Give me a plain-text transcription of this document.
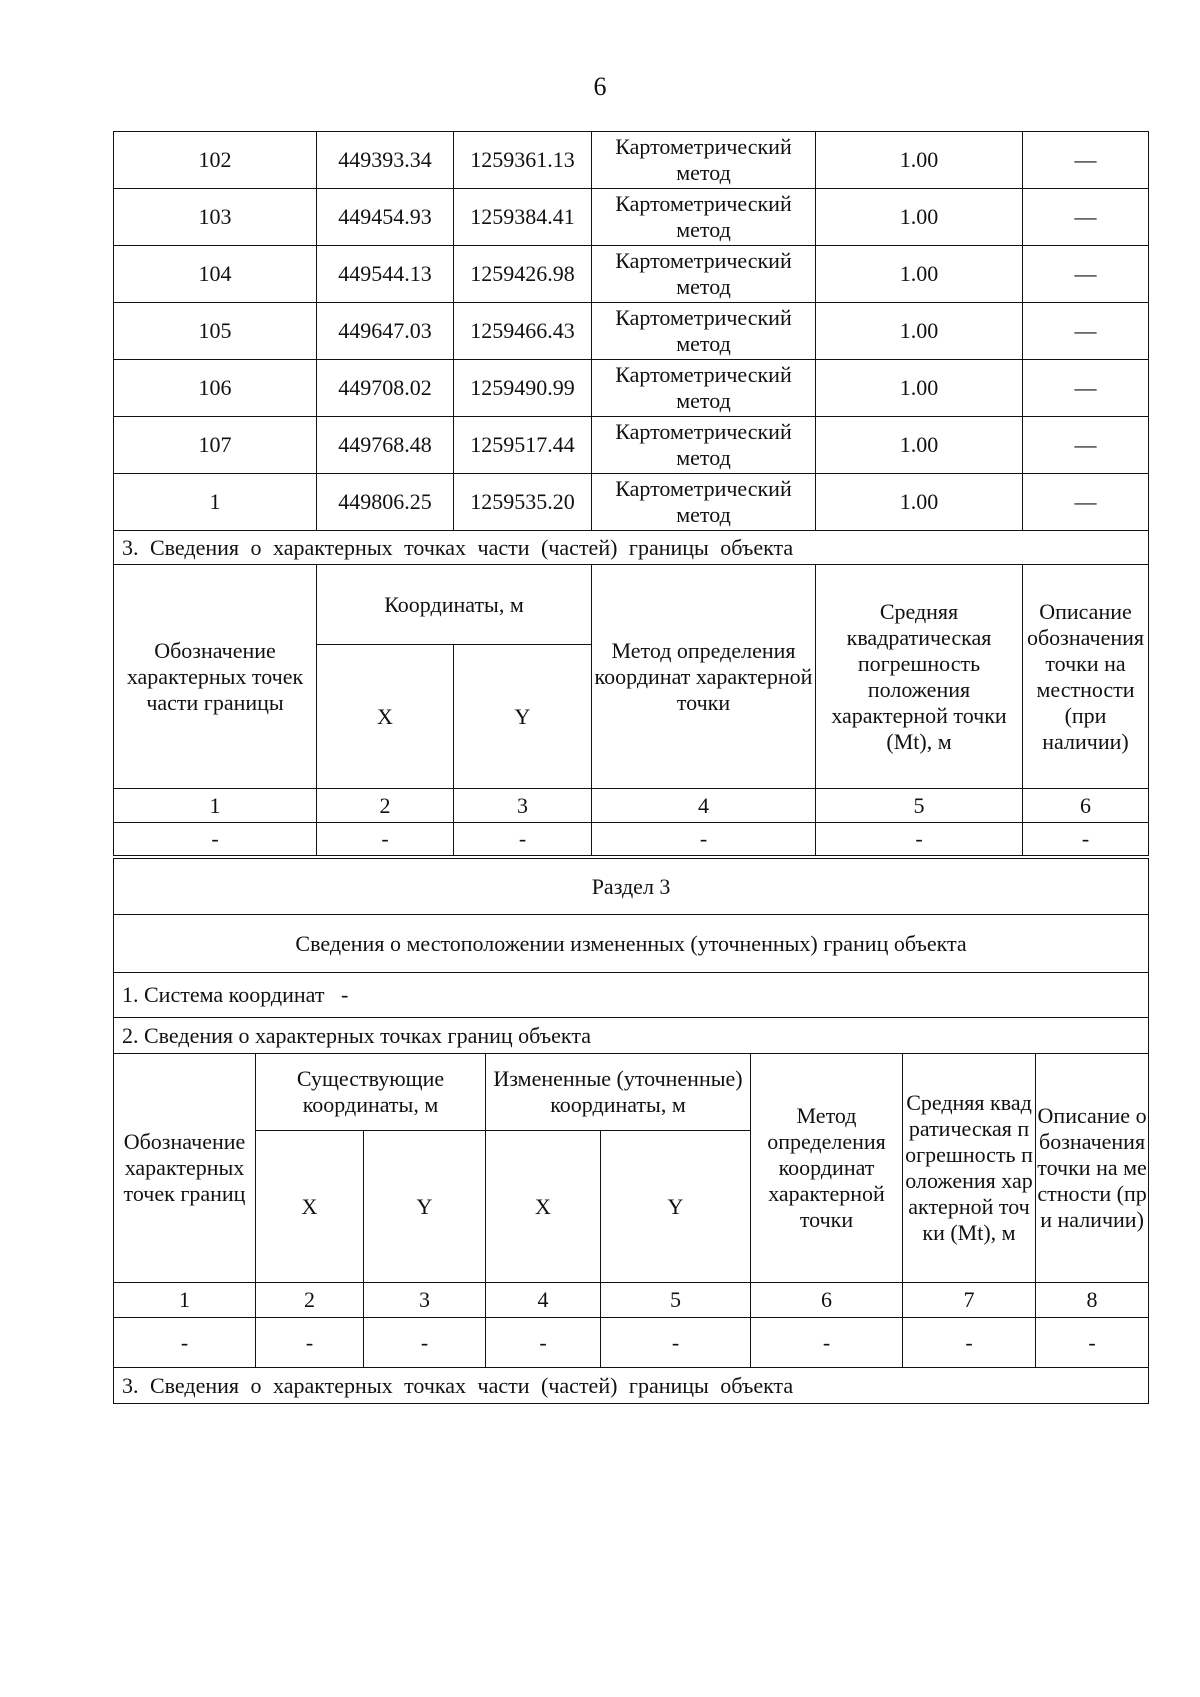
6
102	449393.34	1259361.13	Картометрический метод	1.00	—
103	449454.93	1259384.41	Картометрический метод	1.00	—
104	449544.13	1259426.98	Картометрический метод	1.00	—
105	449647.03	1259466.43	Картометрический метод	1.00	—
106	449708.02	1259490.99	Картометрический метод	1.00	—
107	449768.48	1259517.44	Картометрический метод	1.00	—
1	449806.25	1259535.20	Картометрический метод	1.00	—
3. Сведения о характерных точках части (частей) границы объекта					
Обозначение характерных точек части границы	Координаты, м		Метод определения координат характерной точки	Средняя квадратическая погрешность положения характерной точки (Mt), м	Описание обозначения точки на местности (при наличии)
	X	Y			
1	2	3	4	5	6
-	-	-	-	-	-
Раздел 3							
Сведения о местоположении измененных (уточненных) границ объекта							
1. Система координат   -							
2. Сведения о характерных точках границ объекта							
Обозначение характерных точек границ	Существующие координаты, м		Измененные (уточненные) координаты, м		Метод определения координат характерной точки	Средняя квадратическая погрешность положения характерной точки (Mt), м	Описание обозначения точки на местности (при наличии)
	X	Y	X	Y			
1	2	3	4	5	6	7	8
-	-	-	-	-	-	-	-
3. Сведения о характерных точках части (частей) границы объекта							
